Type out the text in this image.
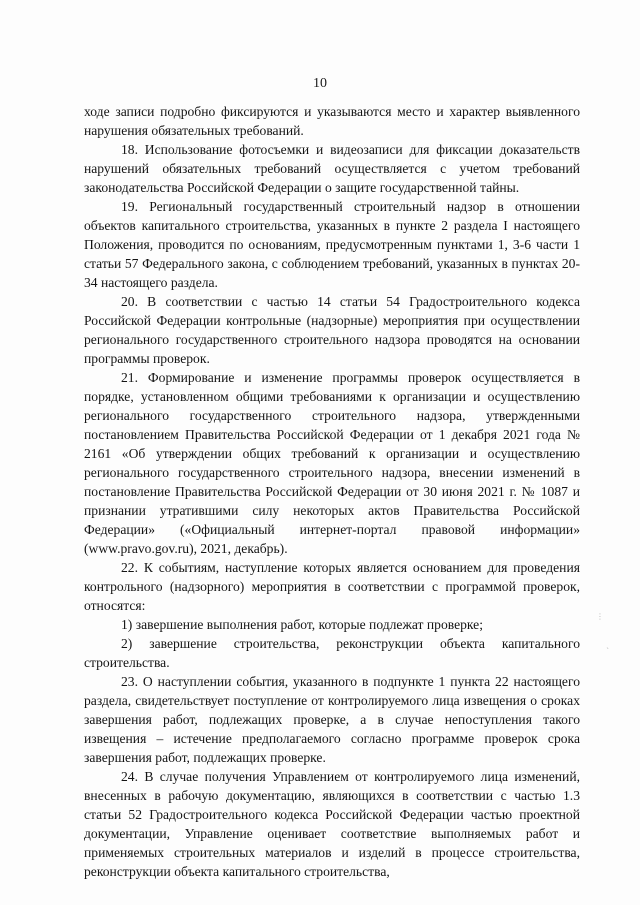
10

ходе записи подробно фиксируются и указываются место и характер выявленного нарушения обязательных требований.

18. Использование фотосъемки и видеозаписи для фиксации доказательств нарушений обязательных требований осуществляется с учетом требований законодательства Российской Федерации о защите государственной тайны.

19. Региональный государственный строительный надзор в отношении объектов капитального строительства, указанных в пункте 2 раздела I настоящего Положения, проводится по основаниям, предусмотренным пунктами 1, 3-6 части 1 статьи 57 Федерального закона, с соблюдением требований, указанных в пунктах 20-34 настоящего раздела.

20. В соответствии с частью 14 статьи 54 Градостроительного кодекса Российской Федерации контрольные (надзорные) мероприятия при осуществлении регионального государственного строительного надзора проводятся на основании программы проверок.

21. Формирование и изменение программы проверок осуществляется в порядке, установленном общими требованиями к организации и осуществлению регионального государственного строительного надзора, утвержденными постановлением Правительства Российской Федерации от 1 декабря 2021 года № 2161 «Об утверждении общих требований к организации и осуществлению регионального государственного строительного надзора, внесении изменений в постановление Правительства Российской Федерации от 30 июня 2021 г. № 1087 и признании утратившими силу некоторых актов Правительства Российской Федерации» («Официальный интернет-портал правовой информации» (www.pravo.gov.ru), 2021, декабрь).

22. К событиям, наступление которых является основанием для проведения контрольного (надзорного) мероприятия в соответствии с программой проверок, относятся:

1) завершение выполнения работ, которые подлежат проверке;

2) завершение строительства, реконструкции объекта капитального строительства.

23. О наступлении события, указанного в подпункте 1 пункта 22 настоящего раздела, свидетельствует поступление от контролируемого лица извещения о сроках завершения работ, подлежащих проверке, а в случае непоступления такого извещения – истечение предполагаемого согласно программе проверок срока завершения работ, подлежащих проверке.

24. В случае получения Управлением от контролируемого лица изменений, внесенных в рабочую документацию, являющихся в соответствии с частью 1.3 статьи 52 Градостроительного кодекса Российской Федерации частью проектной документации, Управление оценивает соответствие выполняемых работ и применяемых строительных материалов и изделий в процессе строительства, реконструкции объекта капитального строительства,

⋮
ˎ
